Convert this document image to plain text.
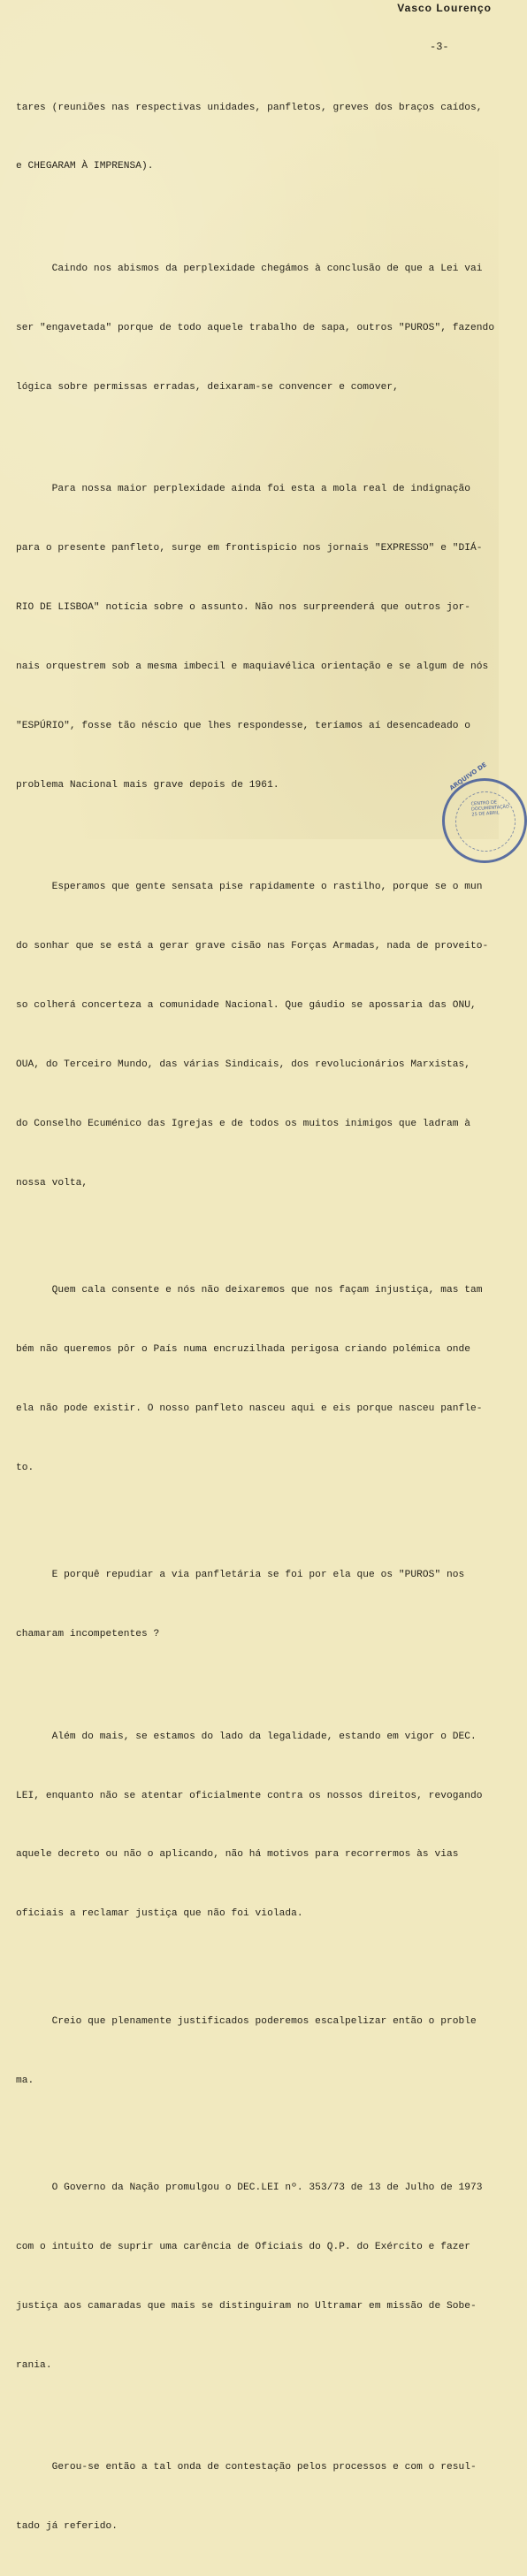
Vasco Lourenço
-3-

tares (reuniões nas respectivas unidades, panfletos, greves dos braços caídos,

e CHEGARAM À IMPRENSA).

Caindo nos abismos da perplexidade chegámos à conclusão de que a Lei vai

ser "engavetada" porque de todo aquele trabalho de sapa, outros "PUROS", fazendo

lógica sobre permissas erradas, deixaram-se convencer e comover,

Para nossa maior perplexidade ainda foi esta a mola real de indignação

para o presente panfleto, surge em frontispicio nos jornais "EXPRESSO" e "DIÁ-

RIO DE LISBOA" notícia sobre o assunto. Não nos surpreenderá que outros jor-

nais orquestrem sob a mesma imbecil e maquiavélica orientação e se algum de nós

"ESPÚRIO", fosse tão néscio que lhes respondesse, teríamos aí desencadeado o

problema Nacional mais grave depois de 1961.

Esperamos que gente sensata pise rapidamente o rastilho, porque se o mun

do sonhar que se está a gerar grave cisão nas Forças Armadas, nada de proveito-

so colherá concerteza a comunidade Nacional. Que gáudio se apossaria das ONU,

OUA, do Terceiro Mundo, das várias Sindicais, dos revolucionários Marxistas,

do Conselho Ecuménico das Igrejas e de todos os muitos inimigos que ladram à

nossa volta,

Quem cala consente e nós não deixaremos que nos façam injustiça, mas tam

bém não queremos pôr o País numa encruzilhada perigosa criando polémica onde

ela não pode existir. O nosso panfleto nasceu aqui e eis porque nasceu panfle-

to.

E porquê repudiar a via panfletária se foi por ela que os "PUROS" nos

chamaram incompetentes ?

Além do mais, se estamos do lado da legalidade, estando em vigor o DEC.

LEI, enquanto não se atentar oficialmente contra os nossos direitos, revogando

aquele decreto ou não o aplicando, não há motivos para recorrermos às vias

oficiais a reclamar justiça que não foi violada.

Creio que plenamente justificados poderemos escalpelizar então o proble

ma.

O Governo da Nação promulgou o DEC.LEI nº. 353/73 de 13 de Julho de 1973

com o intuito de suprir uma carência de Oficiais do Q.P. do Exército e fazer

justiça aos camaradas que mais se distinguiram no Ultramar em missão de Sobe-

rania.

Gerou-se então a tal onda de contestação pelos processos e com o resul-

tado já referido.

ARQUIVO DE
CENTRO DE
DOCUMENTAÇÃO
25 DE ABRIL
